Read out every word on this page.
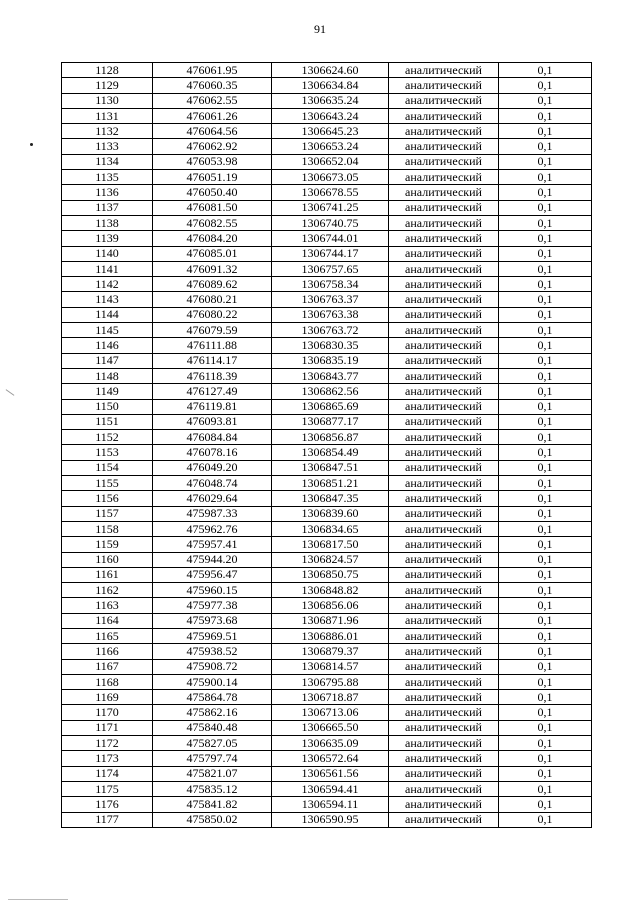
91
1128	476061.95	1306624.60	аналитический	0,1
1129	476060.35	1306634.84	аналитический	0,1
1130	476062.55	1306635.24	аналитический	0,1
1131	476061.26	1306643.24	аналитический	0,1
1132	476064.56	1306645.23	аналитический	0,1
1133	476062.92	1306653.24	аналитический	0,1
1134	476053.98	1306652.04	аналитический	0,1
1135	476051.19	1306673.05	аналитический	0,1
1136	476050.40	1306678.55	аналитический	0,1
1137	476081.50	1306741.25	аналитический	0,1
1138	476082.55	1306740.75	аналитический	0,1
1139	476084.20	1306744.01	аналитический	0,1
1140	476085.01	1306744.17	аналитический	0,1
1141	476091.32	1306757.65	аналитический	0,1
1142	476089.62	1306758.34	аналитический	0,1
1143	476080.21	1306763.37	аналитический	0,1
1144	476080.22	1306763.38	аналитический	0,1
1145	476079.59	1306763.72	аналитический	0,1
1146	476111.88	1306830.35	аналитический	0,1
1147	476114.17	1306835.19	аналитический	0,1
1148	476118.39	1306843.77	аналитический	0,1
1149	476127.49	1306862.56	аналитический	0,1
1150	476119.81	1306865.69	аналитический	0,1
1151	476093.81	1306877.17	аналитический	0,1
1152	476084.84	1306856.87	аналитический	0,1
1153	476078.16	1306854.49	аналитический	0,1
1154	476049.20	1306847.51	аналитический	0,1
1155	476048.74	1306851.21	аналитический	0,1
1156	476029.64	1306847.35	аналитический	0,1
1157	475987.33	1306839.60	аналитический	0,1
1158	475962.76	1306834.65	аналитический	0,1
1159	475957.41	1306817.50	аналитический	0,1
1160	475944.20	1306824.57	аналитический	0,1
1161	475956.47	1306850.75	аналитический	0,1
1162	475960.15	1306848.82	аналитический	0,1
1163	475977.38	1306856.06	аналитический	0,1
1164	475973.68	1306871.96	аналитический	0,1
1165	475969.51	1306886.01	аналитический	0,1
1166	475938.52	1306879.37	аналитический	0,1
1167	475908.72	1306814.57	аналитический	0,1
1168	475900.14	1306795.88	аналитический	0,1
1169	475864.78	1306718.87	аналитический	0,1
1170	475862.16	1306713.06	аналитический	0,1
1171	475840.48	1306665.50	аналитический	0,1
1172	475827.05	1306635.09	аналитический	0,1
1173	475797.74	1306572.64	аналитический	0,1
1174	475821.07	1306561.56	аналитический	0,1
1175	475835.12	1306594.41	аналитический	0,1
1176	475841.82	1306594.11	аналитический	0,1
1177	475850.02	1306590.95	аналитический	0,1
